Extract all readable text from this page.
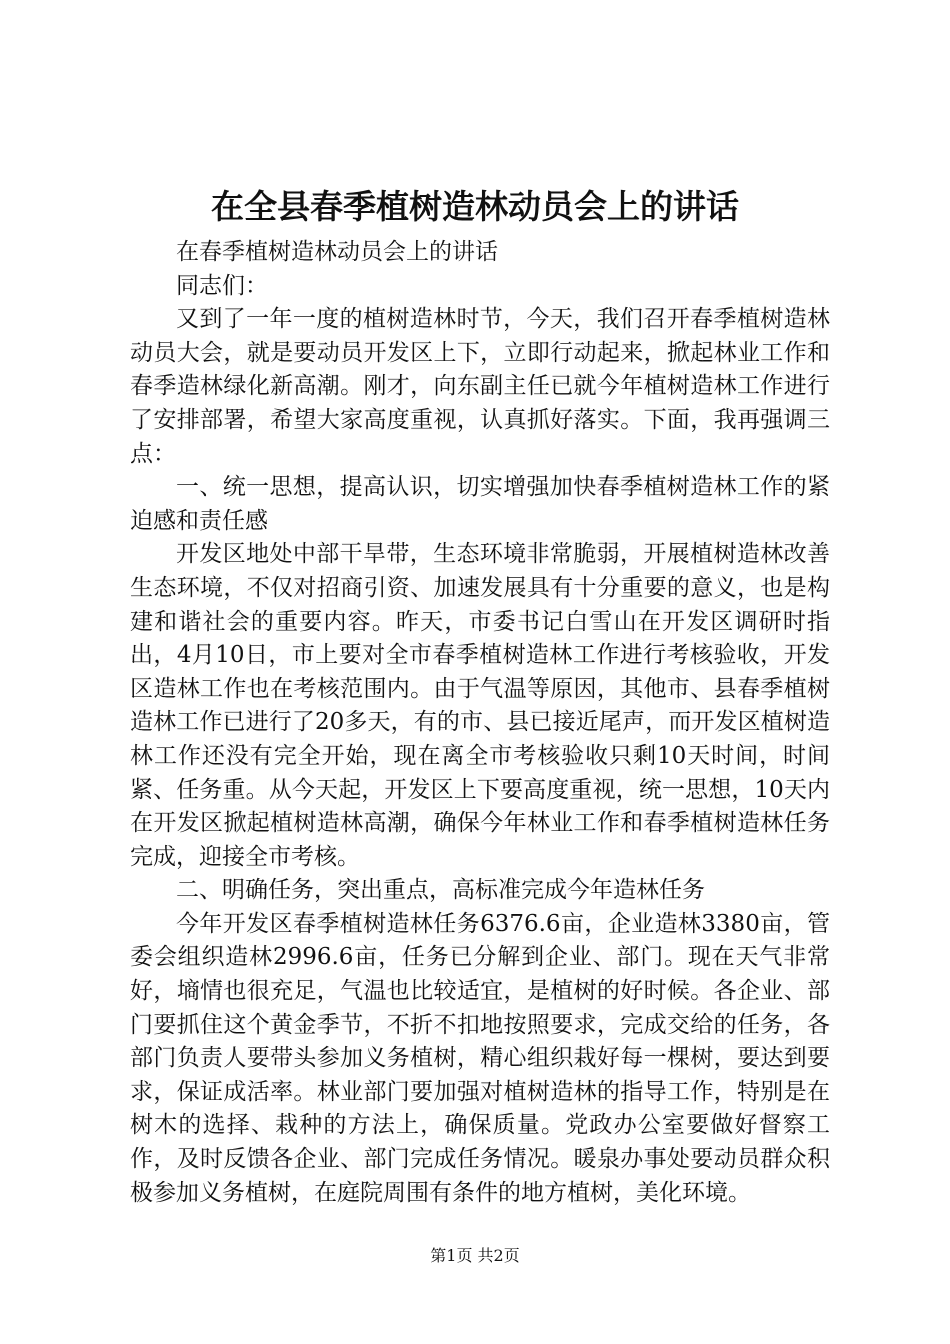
在全县春季植树造林动员会上的讲话

在春季植树造林动员会上的讲话

同志们：

又到了一年一度的植树造林时节，今天，我们召开春季植树造林动员大会，就是要动员开发区上下，立即行动起来，掀起林业工作和春季造林绿化新高潮。刚才，向东副主任已就今年植树造林工作进行了安排部署，希望大家高度重视，认真抓好落实。下面，我再强调三点：

一、统一思想，提高认识，切实增强加快春季植树造林工作的紧迫感和责任感

开发区地处中部干旱带，生态环境非常脆弱，开展植树造林改善生态环境，不仅对招商引资、加速发展具有十分重要的意义，也是构建和谐社会的重要内容。昨天，市委书记白雪山在开发区调研时指出，4月10日，市上要对全市春季植树造林工作进行考核验收，开发区造林工作也在考核范围内。由于气温等原因，其他市、县春季植树造林工作已进行了20多天，有的市、县已接近尾声，而开发区植树造林工作还没有完全开始，现在离全市考核验收只剩10天时间，时间紧、任务重。从今天起，开发区上下要高度重视，统一思想，10天内在开发区掀起植树造林高潮，确保今年林业工作和春季植树造林任务完成，迎接全市考核。

二、明确任务，突出重点，高标准完成今年造林任务

今年开发区春季植树造林任务6376.6亩，企业造林3380亩，管委会组织造林2996.6亩，任务已分解到企业、部门。现在天气非常好，墒情也很充足，气温也比较适宜，是植树的好时候。各企业、部门要抓住这个黄金季节，不折不扣地按照要求，完成交给的任务，各部门负责人要带头参加义务植树，精心组织栽好每一棵树，要达到要求，保证成活率。林业部门要加强对植树造林的指导工作，特别是在树木的选择、栽种的方法上，确保质量。党政办公室要做好督察工作，及时反馈各企业、部门完成任务情况。暖泉办事处要动员群众积极参加义务植树，在庭院周围有条件的地方植树，美化环境。

第1页 共2页
